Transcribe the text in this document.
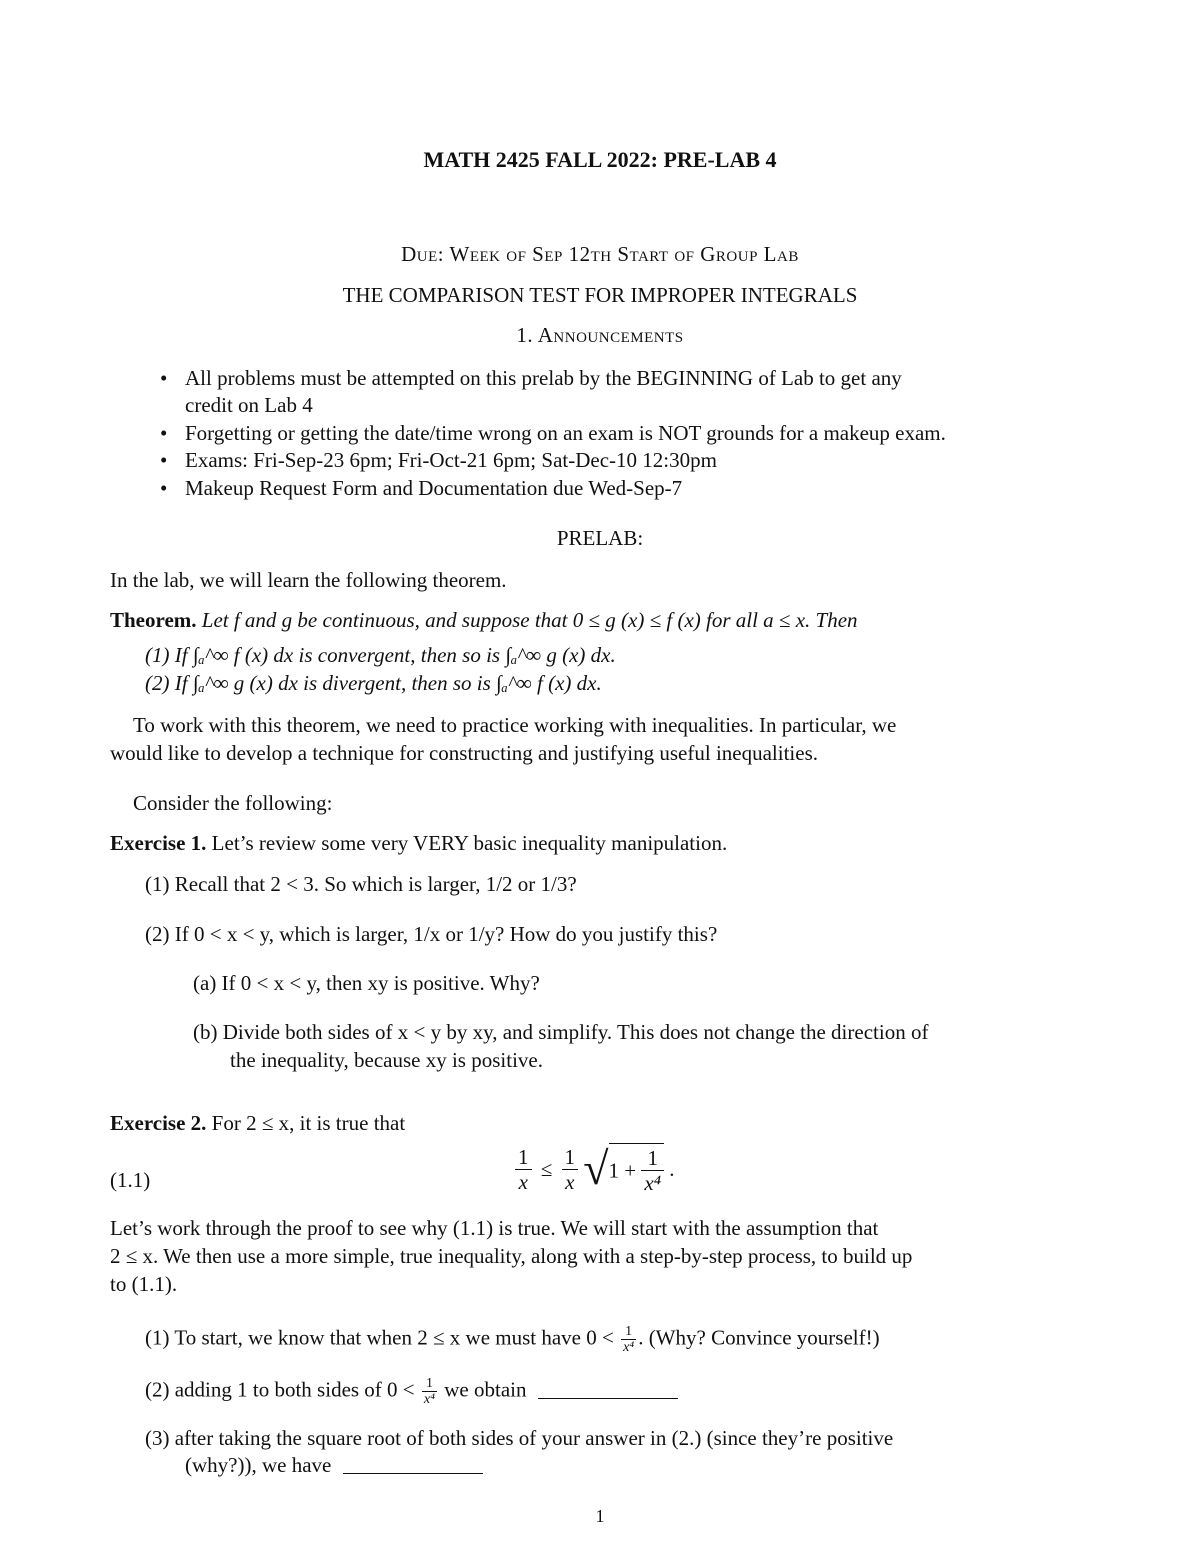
MATH 2425 FALL 2022: PRE-LAB 4
Due: Week of Sep 12th Start of Group Lab
THE COMPARISON TEST FOR IMPROPER INTEGRALS
1. Announcements
• All problems must be attempted on this prelab by the BEGINNING of Lab to get any
credit on Lab 4
• Forgetting or getting the date/time wrong on an exam is NOT grounds for a makeup exam.
• Exams: Fri-Sep-23 6pm; Fri-Oct-21 6pm; Sat-Dec-10 12:30pm
• Makeup Request Form and Documentation due Wed-Sep-7
PRELAB:
In the lab, we will learn the following theorem.
Theorem. Let f and g be continuous, and suppose that 0 ≤ g (x) ≤ f (x) for all a ≤ x. Then
(1) If ∫ₐ^∞ f (x) dx is convergent, then so is ∫ₐ^∞ g (x) dx.
(2) If ∫ₐ^∞ g (x) dx is divergent, then so is ∫ₐ^∞ f (x) dx.
To work with this theorem, we need to practice working with inequalities. In particular, we
would like to develop a technique for constructing and justifying useful inequalities.
Consider the following:
Exercise 1. Let’s review some very VERY basic inequality manipulation.
(1) Recall that 2 < 3. So which is larger, 1/2 or 1/3?
(2) If 0 < x < y, which is larger, 1/x or 1/y? How do you justify this?
(a) If 0 < x < y, then xy is positive. Why?
(b) Divide both sides of x < y by xy, and simplify. This does not change the direction of
the inequality, because xy is positive.
Exercise 2. For 2 ≤ x, it is true that
(1.1)	$\frac{1}{x} \le \frac{1}{x} √1 + \frac{1}{\text{x⁴}}$ .
Let’s work through the proof to see why (1.1) is true. We will start with the assumption that
2 ≤ x. We then use a more simple, true inequality, along with a step-by-step process, to build up
to (1.1).
(1) To start, we know that when 2 ≤ x we must have $0 < \frac{1}{\text{x⁴}}$ . (Why? Convince yourself!)
(2) adding 1 to both sides of $0 < \frac{1}{\text{x⁴}}$ we obtain
(3) after taking the square root of both sides of your answer in (2.) (since they’re positive
(why?)), we have
1
